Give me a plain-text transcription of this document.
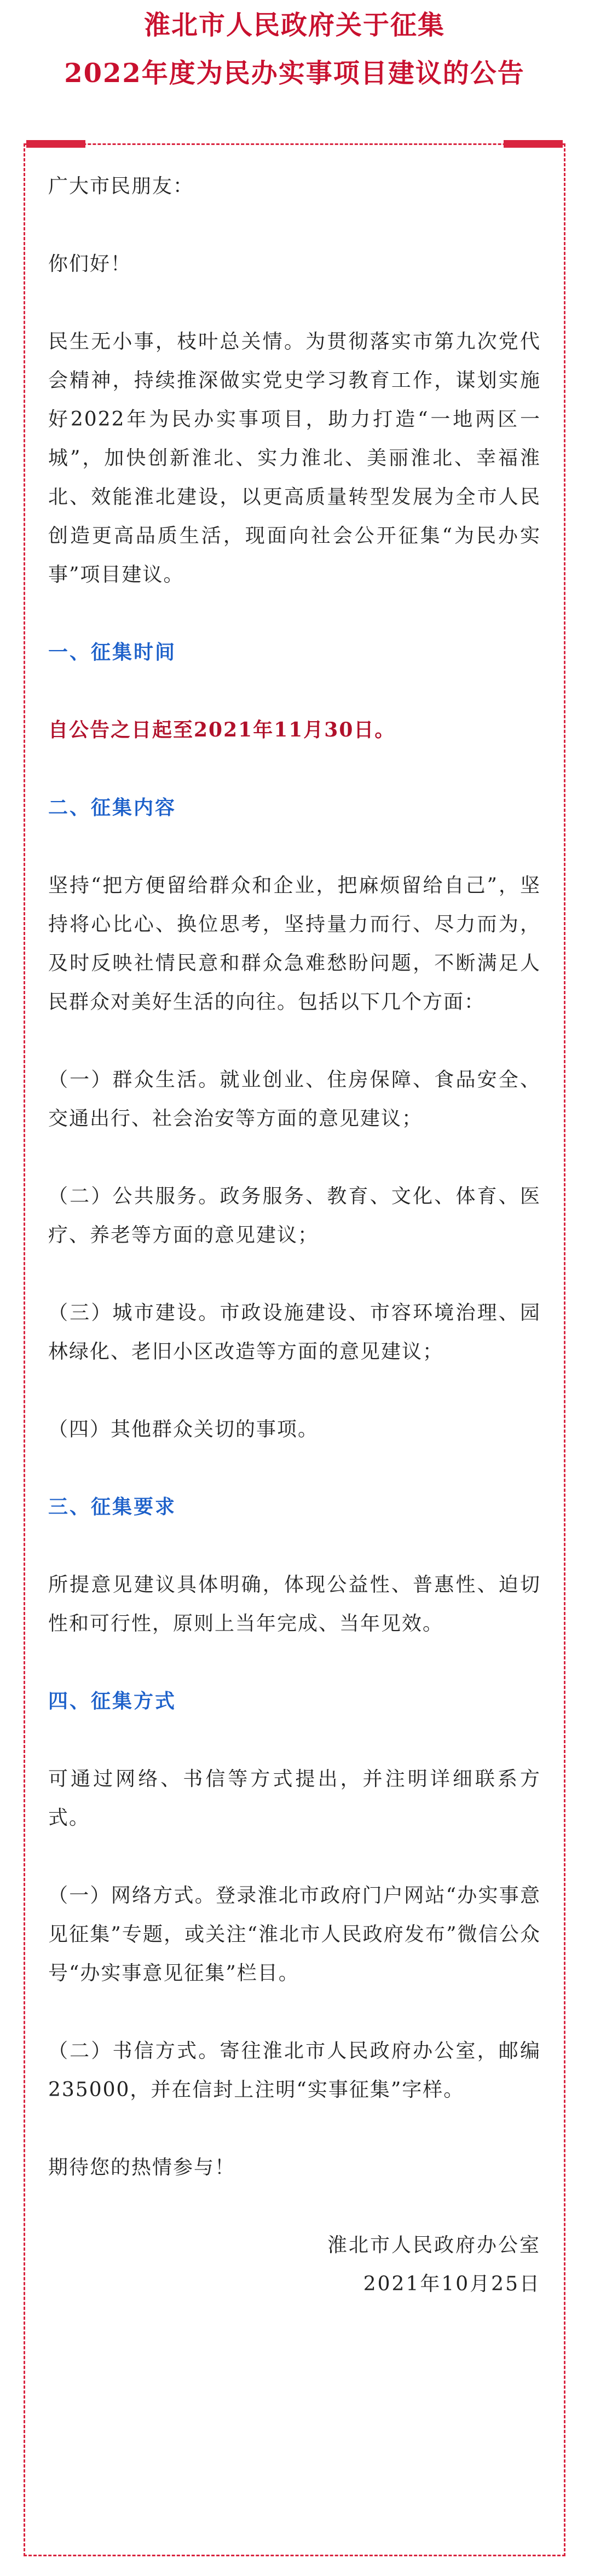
淮北市人民政府关于征集

2022年度为民办实事项目建议的公告

广大市民朋友：

你们好！

民生无小事，枝叶总关情。为贯彻落实市第九次党代会精神，持续推深做实党史学习教育工作，谋划实施好2022年为民办实事项目，助力打造“一地两区一城”，加快创新淮北、实力淮北、美丽淮北、幸福淮北、效能淮北建设，以更高质量转型发展为全市人民创造更高品质生活，现面向社会公开征集“为民办实事”项目建议。

一、征集时间

自公告之日起至2021年11月30日。

二、征集内容

坚持“把方便留给群众和企业，把麻烦留给自己”，坚持将心比心、换位思考，坚持量力而行、尽力而为，及时反映社情民意和群众急难愁盼问题，不断满足人民群众对美好生活的向往。包括以下几个方面：

（一）群众生活。就业创业、住房保障、食品安全、交通出行、社会治安等方面的意见建议；

（二）公共服务。政务服务、教育、文化、体育、医疗、养老等方面的意见建议；

（三）城市建设。市政设施建设、市容环境治理、园林绿化、老旧小区改造等方面的意见建议；

（四）其他群众关切的事项。

三、征集要求

所提意见建议具体明确，体现公益性、普惠性、迫切性和可行性，原则上当年完成、当年见效。

四、征集方式

可通过网络、书信等方式提出，并注明详细联系方式。

（一）网络方式。登录淮北市政府门户网站“办实事意见征集”专题，或关注“淮北市人民政府发布”微信公众号“办实事意见征集”栏目。

（二）书信方式。寄往淮北市人民政府办公室，邮编235000，并在信封上注明“实事征集”字样。

期待您的热情参与！

淮北市人民政府办公室

2021年10月25日
